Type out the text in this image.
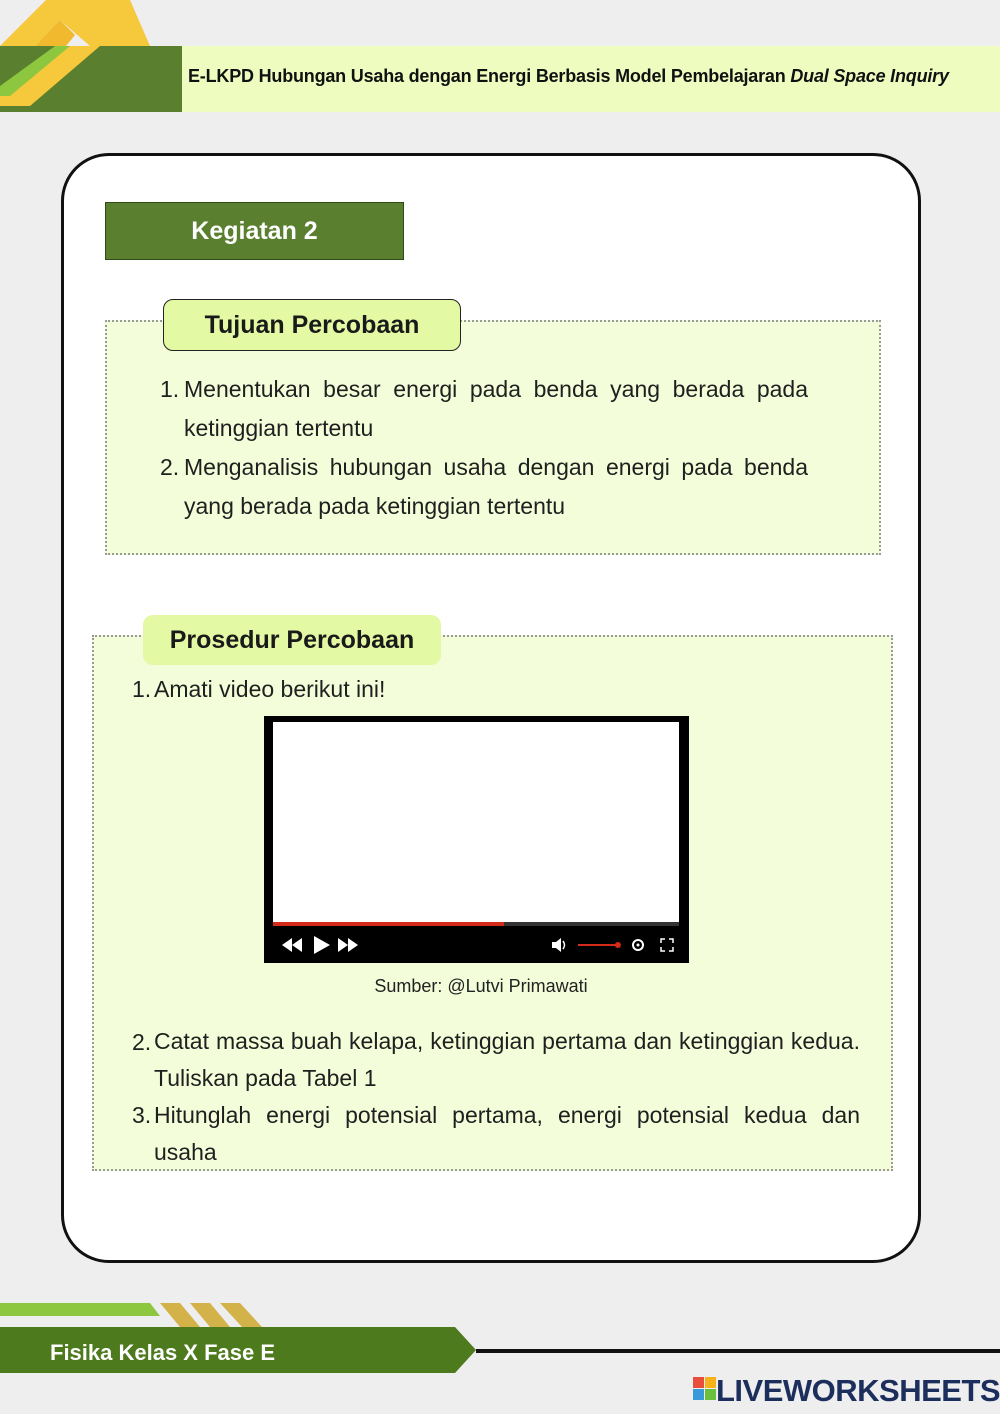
E-LKPD Hubungan Usaha dengan Energi Berbasis Model Pembelajaran Dual Space Inquiry
Kegiatan 2
Tujuan Percobaan
1. Menentukan besar energi pada benda yang berada pada ketinggian tertentu
2. Menganalisis hubungan usaha dengan energi pada benda yang berada pada ketinggian tertentu
Prosedur Percobaan
1. Amati video berikut ini!
Sumber: @Lutvi Primawati
2. Catat massa buah kelapa, ketinggian pertama dan ketinggian kedua. Tuliskan pada Tabel 1
3. Hitunglah energi potensial pertama, energi potensial kedua dan usaha
Fisika Kelas X Fase E
LIVEWORKSHEETS
